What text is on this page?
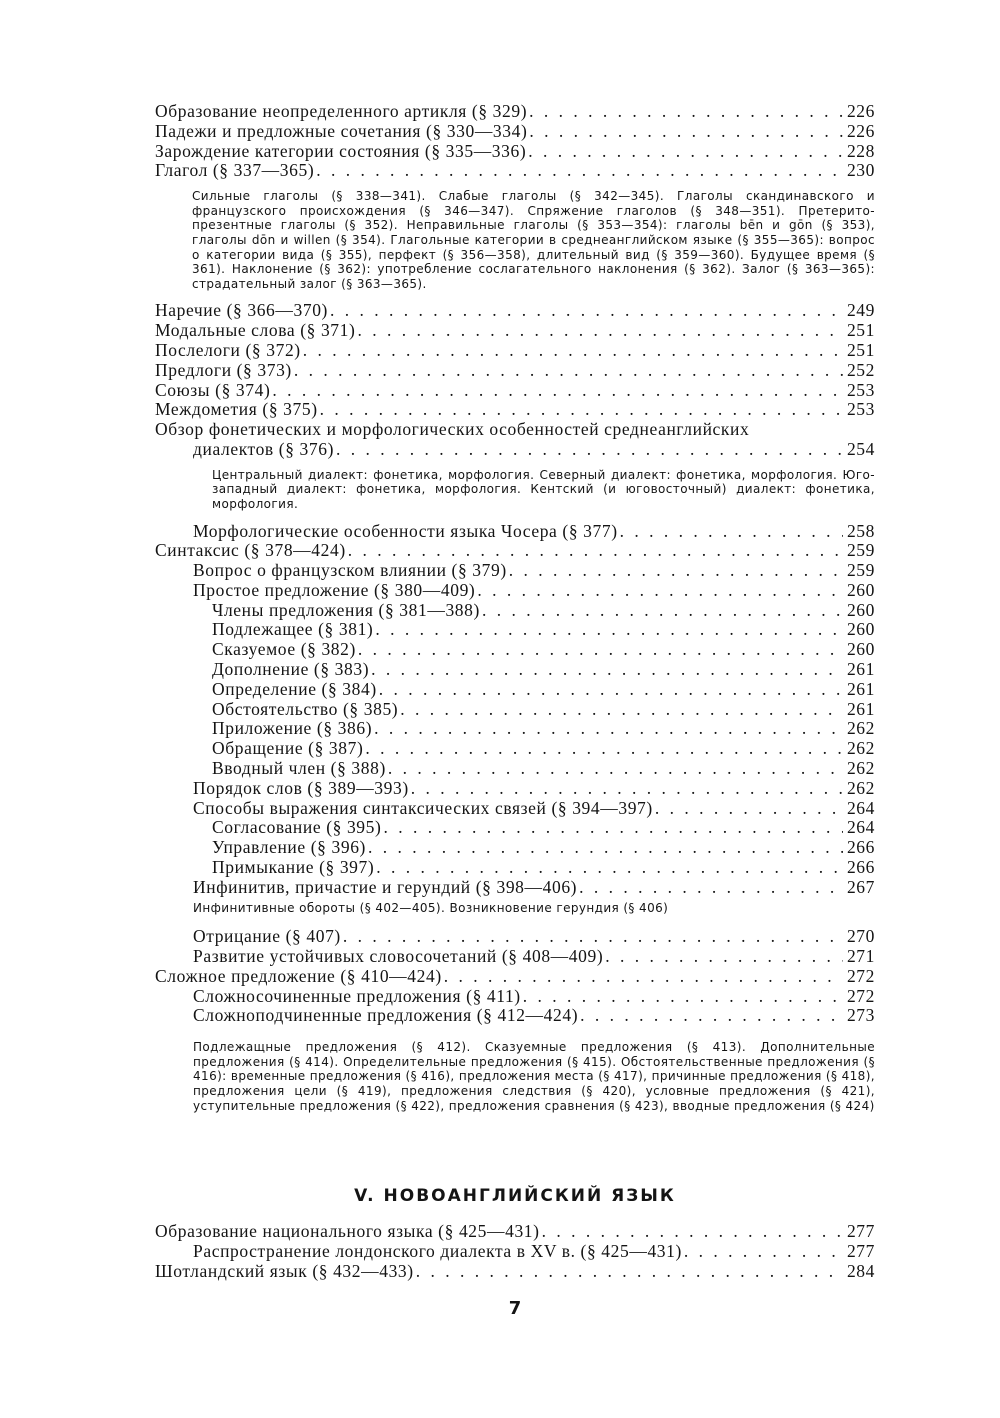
Образование неопределенного артикля (§ 329) . . .	226
Падежи и предложные сочетания (§ 330—334) . . .	226
Зарождение категории состояния (§ 335—336) . . .	228
Глагол (§ 337—365) . . .	230
Сильные глаголы (§ 338—341). Слабые глаголы (§ 342—345). Глаголы скандинавского и французского происхождения (§ 346—347). Спряжение глаголов (§ 348—351). Претерито-презентные глаголы (§ 352). Неправильные глаголы (§ 353—354): глаголы bēn и gōn (§ 353), глаголы dōn и willen (§ 354). Глагольные категории в среднеанглийском языке (§ 355—365): вопрос о категории вида (§ 355), перфект (§ 356—358), длительный вид (§ 359—360). Будущее время (§ 361). Наклонение (§ 362): употребление сослагательного наклонения (§ 362). Залог (§ 363—365): страдательный залог (§ 363—365).
Наречие (§ 366—370) . . .	249
Модальные слова (§ 371) . . .	251
Послелоги (§ 372) . . .	251
Предлоги (§ 373) . . .	252
Союзы (§ 374) . . .	253
Междометия (§ 375) . . .	253
Обзор фонетических и морфологических особенностей среднеанглийских
диалектов (§ 376) . . .	254
Центральный диалект: фонетика, морфология. Северный диалект: фонетика, морфология. Юго-западный диалект: фонетика, морфология. Кентский (и юговосточный) диалект: фонетика, морфология.
Морфологические особенности языка Чосера (§ 377) . . .	258
Синтаксис (§ 378—424) . . .	259
Вопрос о французском влиянии (§ 379) . . .	259
Простое предложение (§ 380—409) . . .	260
Члены предложения (§ 381—388) . . .	260
Подлежащее (§ 381) . . .	260
Сказуемое (§ 382) . . .	260
Дополнение (§ 383) . . .	261
Определение (§ 384) . . .	261
Обстоятельство (§ 385) . . .	261
Приложение (§ 386) . . .	262
Обращение (§ 387) . . .	262
Вводный член (§ 388) . . .	262
Порядок слов (§ 389—393) . . .	262
Способы выражения синтаксических связей (§ 394—397) . . .	264
Согласование (§ 395) . . .	264
Управление (§ 396) . . .	266
Примыкание (§ 397) . . .	266
Инфинитив, причастие и герундий (§ 398—406) . . .	267
Инфинитивные обороты (§ 402—405). Возникновение герундия (§ 406)
Отрицание (§ 407) . . .	270
Развитие устойчивых словосочетаний (§ 408—409) . . .	271
Сложное предложение (§ 410—424) . . .	272
Сложносочиненные предложения (§ 411) . . .	272
Сложноподчиненные предложения (§ 412—424) . . .	273
Подлежащные предложения (§ 412). Сказуемные предложения (§ 413). Дополнительные предложения (§ 414). Определительные предложения (§ 415). Обстоятельственные предложения (§ 416): временные предложения (§ 416), предложения места (§ 417), причинные предложения (§ 418), предложения цели (§ 419), предложения следствия (§ 420), условные предложения (§ 421), уступительные предложения (§ 422), предложения сравнения (§ 423), вводные предложения (§ 424)
V. НОВОАНГЛИЙСКИЙ ЯЗЫК
Образование национального языка (§ 425—431) . . .	277
Распространение лондонского диалекта в XV в. (§ 425—431) . . .	277
Шотландский язык (§ 432—433) . . .	284
7
